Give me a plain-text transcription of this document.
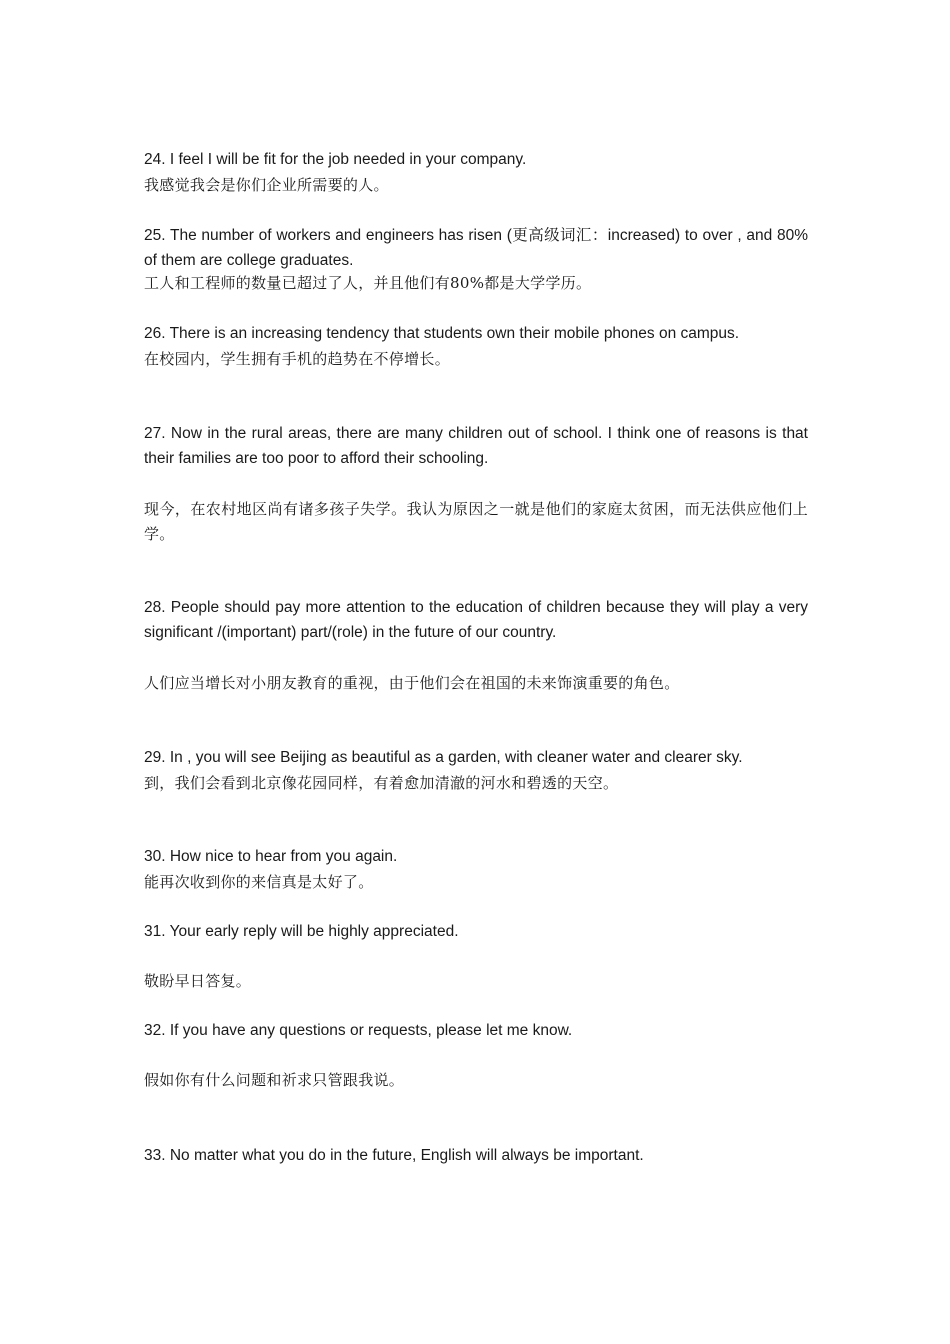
24. I feel I will be fit for the job needed in your company.

我感觉我会是你们企业所需要的人。

25. The number of workers and engineers has risen (更高级词汇：increased) to over , and 80% of them are college graduates.

工人和工程师的数量已超过了人，并且他们有80%都是大学学历。

26. There is an increasing tendency that students own their mobile phones on campus.

在校园内，学生拥有手机的趋势在不停增长。

27. Now in the rural areas, there are many children out of school. I think one of reasons is that their families are too poor to afford their schooling.

现今，在农村地区尚有诸多孩子失学。我认为原因之一就是他们的家庭太贫困，而无法供应他们上学。

28. People should pay more attention to the education of children because they will play a very significant /(important) part/(role) in the future of our country.

人们应当增长对小朋友教育的重视，由于他们会在祖国的未来饰演重要的角色。

29. In , you will see Beijing as beautiful as a garden, with cleaner water and clearer sky.

到，我们会看到北京像花园同样，有着愈加清澈的河水和碧透的天空。

30. How nice to hear from you again.

能再次收到你的来信真是太好了。

31. Your early reply will be highly appreciated.

敬盼早日答复。

32. If you have any questions or requests, please let me know.

假如你有什么问题和祈求只管跟我说。

33. No matter what you do in the future, English will always be important.
